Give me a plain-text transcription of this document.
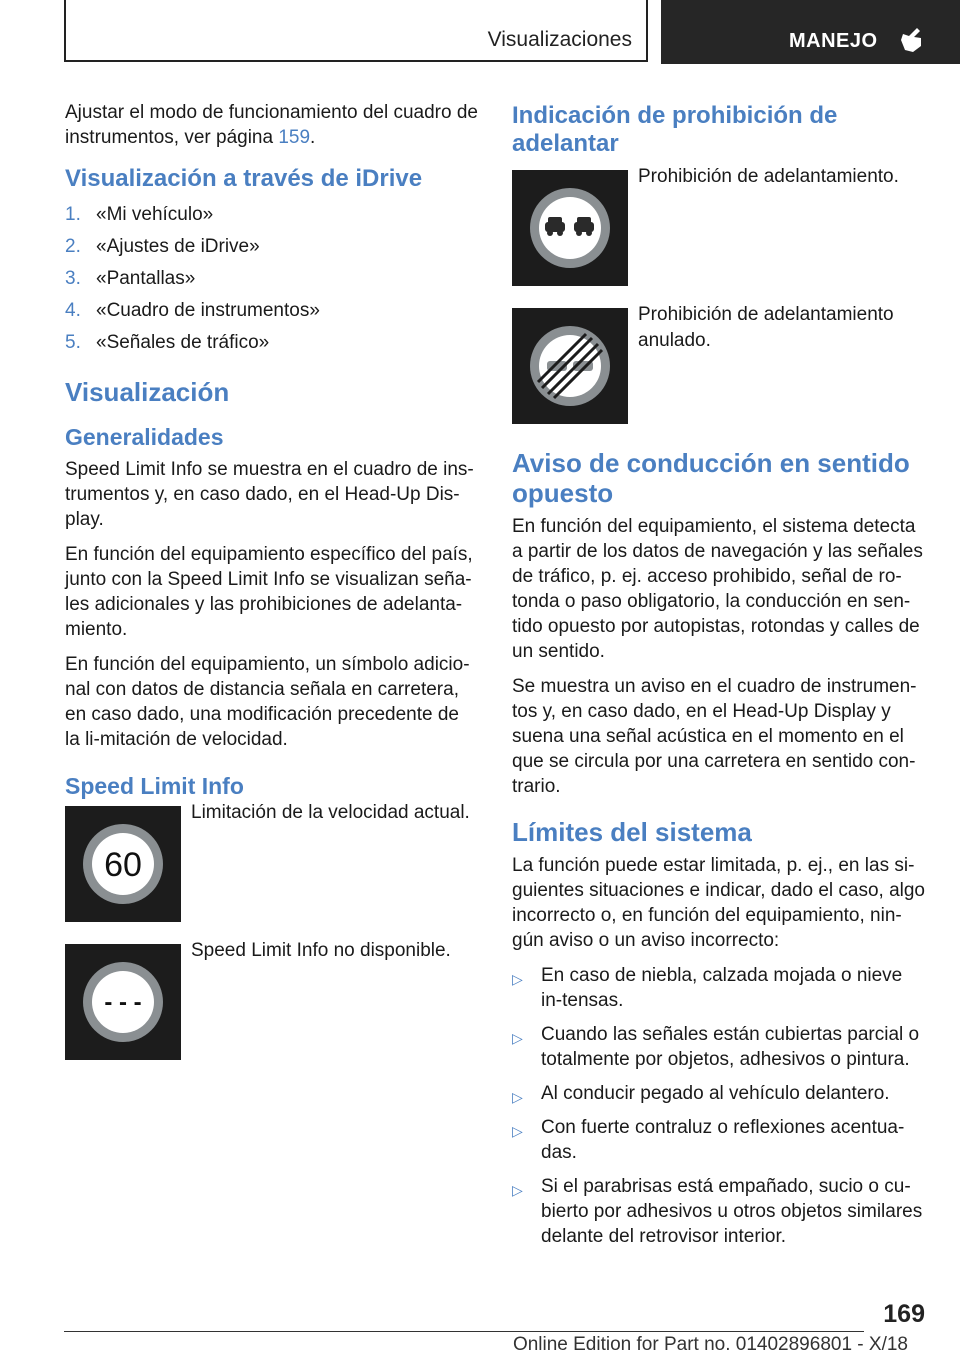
Visualizaciones	MANEJO

Ajustar el modo de funcionamiento del cuadro de instrumentos, ver página 159.

Visualización a través de iDrive
1. «Mi vehículo»
2. «Ajustes de iDrive»
3. «Pantallas»
4. «Cuadro de instrumentos»
5. «Señales de tráfico»
Visualización
Generalidades

Speed Limit Info se muestra en el cuadro de ins‐trumentos y, en caso dado, en el Head-Up Dis‐play.

En función del equipamiento específico del país, junto con la Speed Limit Info se visualizan seña‐les adicionales y las prohibiciones de adelanta‐miento.

En función del equipamiento, un símbolo adicio‐nal con datos de distancia señala en carretera, en caso dado, una modificación precedente de la li‐mitación de velocidad.

Speed Limit Info
60
Limitación de la velocidad actual.
- - -
Speed Limit Info no disponible.
Indicación de prohibición de adelantar
Prohibición de adelantamiento.
Prohibición de adelantamiento anulado.
Aviso de conducción en sentido opuesto

En función del equipamiento, el sistema detecta a partir de los datos de navegación y las señales de tráfico, p. ej. acceso prohibido, señal de ro‐tonda o paso obligatorio, la conducción en sen‐tido opuesto por autopistas, rotondas y calles de un sentido.

Se muestra un aviso en el cuadro de instrumen‐tos y, en caso dado, en el Head-Up Display y suena una señal acústica en el momento en el que se circula por una carretera en sentido con‐trario.

Límites del sistema

La función puede estar limitada, p. ej., en las si‐guientes situaciones e indicar, dado el caso, algo incorrecto o, en función del equipamiento, nin‐gún aviso o un aviso incorrecto:

▷ En caso de niebla, calzada mojada o nieve in‐tensas.
▷ Cuando las señales están cubiertas parcial o totalmente por objetos, adhesivos o pintura.
▷ Al conducir pegado al vehículo delantero.
▷ Con fuerte contraluz o reflexiones acentua‐das.
▷ Si el parabrisas está empañado, sucio o cu‐bierto por adhesivos u otros objetos similares delante del retrovisor interior.
169
Online Edition for Part no. 01402896801 - X/18
